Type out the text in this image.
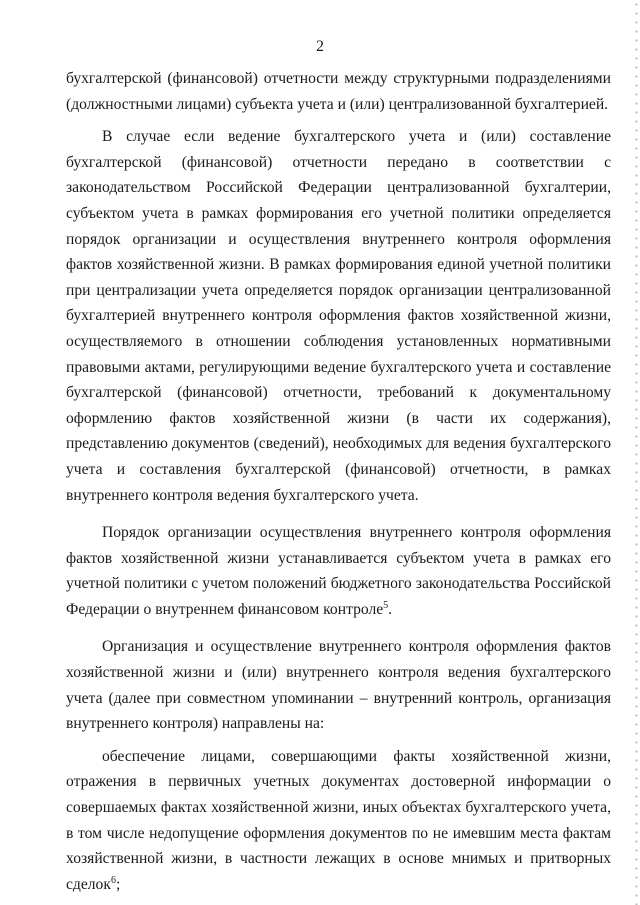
2

бухгалтерской (финансовой) отчетности между структурными подразделениями (должностными лицами) субъекта учета и (или) централизованной бухгалтерией.

В случае если ведение бухгалтерского учета и (или) составление бухгалтерской (финансовой) отчетности передано в соответствии с законодательством Российской Федерации централизованной бухгалтерии, субъектом учета в рамках формирования его учетной политики определяется порядок организации и осуществления внутреннего контроля оформления фактов хозяйственной жизни. В рамках формирования единой учетной политики при централизации учета определяется порядок организации централизованной бухгалтерией внутреннего контроля оформления фактов хозяйственной жизни, осуществляемого в отношении соблюдения установленных нормативными правовыми актами, регулирующими ведение бухгалтерского учета и составление бухгалтерской (финансовой) отчетности, требований к документальному оформлению фактов хозяйственной жизни (в части их содержания), представлению документов (сведений), необходимых для ведения бухгалтерского учета и составления бухгалтерской (финансовой) отчетности, в рамках внутреннего контроля ведения бухгалтерского учета.

Порядок организации осуществления внутреннего контроля оформления фактов хозяйственной жизни устанавливается субъектом учета в рамках его учетной политики с учетом положений бюджетного законодательства Российской Федерации о внутреннем финансовом контроле$^5$.

Организация и осуществление внутреннего контроля оформления фактов хозяйственной жизни и (или) внутреннего контроля ведения бухгалтерского учета (далее при совместном упоминании – внутренний контроль, организация внутреннего контроля) направлены на:

обеспечение лицами, совершающими факты хозяйственной жизни, отражения в первичных учетных документах достоверной информации о совершаемых фактах хозяйственной жизни, иных объектах бухгалтерского учета, в том числе недопущение оформления документов по не имевшим места фактам хозяйственной жизни, в частности лежащих в основе мнимых и притворных сделок$^6$;
